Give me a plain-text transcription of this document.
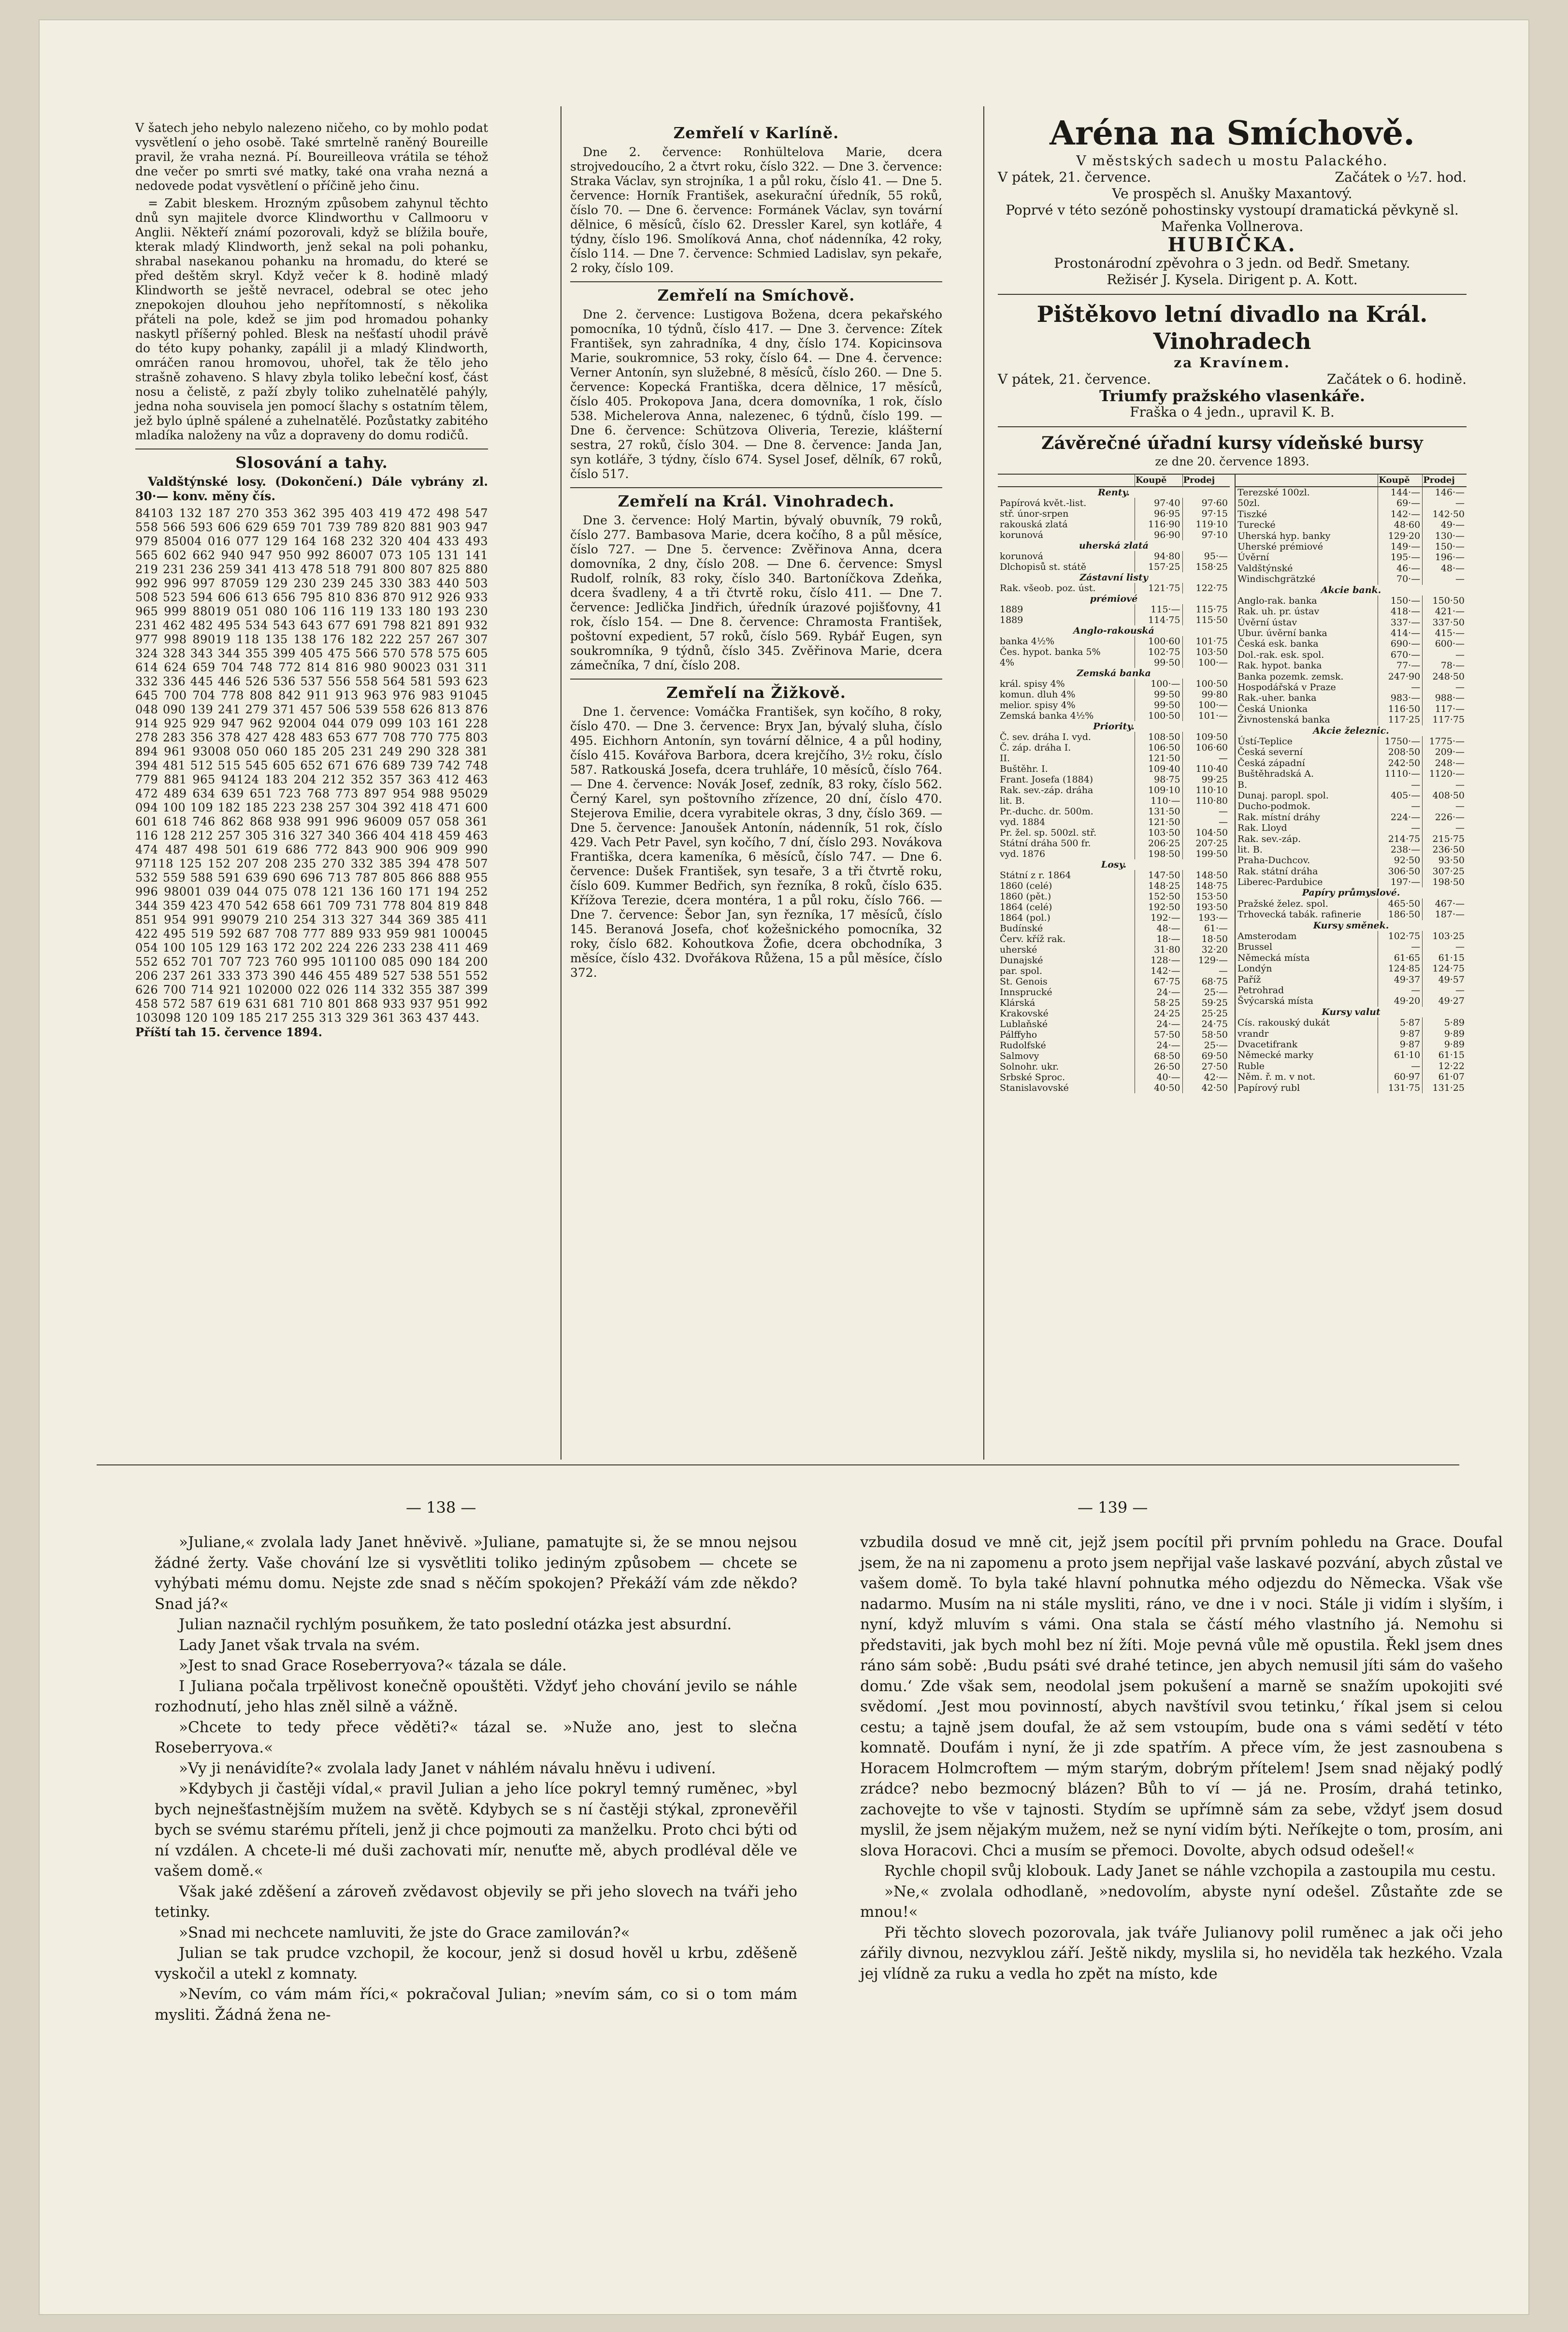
V šatech jeho nebylo nalezeno ničeho, co by mohlo podat vysvětlení o jeho osobě. Také smrtelně raněný Boureille pravil, že vraha nezná. Pí. Boureilleova vrátila se téhož dne večer po smrti své matky, také ona vraha nezná a nedovede podat vysvětlení o příčině jeho činu.

= Zabit bleskem. Hrozným způsobem zahynul těchto dnů syn majitele dvorce Klindworthu v Callmooru v Anglii. Někteří známí pozorovali, když se blížila bouře, kterak mladý Klindworth, jenž sekal na poli pohanku, shrabal nasekanou pohanku na hromadu, do které se před deštěm skryl. Když večer k 8. hodině mladý Klindworth se ještě nevracel, odebral se otec jeho znepokojen dlouhou jeho nepřítomností, s několika přáteli na pole, kdež se jim pod hromadou pohanky naskytl příšerný pohled. Blesk na nešťastí uhodil právě do této kupy pohanky, zapálil ji a mladý Klindworth, omráčen ranou hromovou, uhořel, tak že tělo jeho strašně zohaveno. S hlavy zbyla toliko lebeční kosť, část nosu a čelistě, z paží zbyly toliko zuhelnatělé pahýly, jedna noha souvisela jen pomocí šlachy s ostatním tělem, jež bylo úplně spálené a zuhelnatělé. Pozůstatky zabitého mladíka naloženy na vůz a dopraveny do domu rodičů.

Slosování a tahy.

Valdštýnské losy. (Dokončení.) Dále vybrány zl. 30·— konv. měny čís.

84103 132 187 270 353 362 395 403 419 472 498 547 558 566 593 606 629 659 701 739 789 820 881 903 947 979 85004 016 077 129 164 168 232 320 404 433 493 565 602 662 940 947 950 992 86007 073 105 131 141 219 231 236 259 341 413 478 518 791 800 807 825 880 992 996 997 87059 129 230 239 245 330 383 440 503 508 523 594 606 613 656 795 810 836 870 912 926 933 965 999 88019 051 080 106 116 119 133 180 193 230 231 462 482 495 534 543 643 677 691 798 821 891 932 977 998 89019 118 135 138 176 182 222 257 267 307 324 328 343 344 355 399 405 475 566 570 578 575 605 614 624 659 704 748 772 814 816 980 90023 031 311 332 336 445 446 526 536 537 556 558 564 581 593 623 645 700 704 778 808 842 911 913 963 976 983 91045 048 090 139 241 279 371 457 506 539 558 626 813 876 914 925 929 947 962 92004 044 079 099 103 161 228 278 283 356 378 427 428 483 653 677 708 770 775 803 894 961 93008 050 060 185 205 231 249 290 328 381 394 481 512 515 545 605 652 671 676 689 739 742 748 779 881 965 94124 183 204 212 352 357 363 412 463 472 489 634 639 651 723 768 773 897 954 988 95029 094 100 109 182 185 223 238 257 304 392 418 471 600 601 618 746 862 868 938 991 996 96009 057 058 361 116 128 212 257 305 316 327 340 366 404 418 459 463 474 487 498 501 619 686 772 843 900 906 909 990 97118 125 152 207 208 235 270 332 385 394 478 507 532 559 588 591 639 690 696 713 787 805 866 888 955 996 98001 039 044 075 078 121 136 160 171 194 252 344 359 423 470 542 658 661 709 731 778 804 819 848 851 954 991 99079 210 254 313 327 344 369 385 411 422 495 519 592 687 708 777 889 933 959 981 100045 054 100 105 129 163 172 202 224 226 233 238 411 469 552 652 701 707 723 760 995 101100 085 090 184 200 206 237 261 333 373 390 446 455 489 527 538 551 552 626 700 714 921 102000 022 026 114 332 355 387 399 458 572 587 619 631 681 710 801 868 933 937 951 992 103098 120 109 185 217 255 313 329 361 363 437 443.
Příští tah 15. července 1894.
Zemřelí v Karlíně.

Dne 2. července: Ronhültelova Marie, dcera strojvedoucího, 2 a čtvrt roku, číslo 322. — Dne 3. července: Straka Václav, syn strojníka, 1 a půl roku, číslo 41. — Dne 5. července: Horník František, asekurační úředník, 55 roků, číslo 70. — Dne 6. července: Formánek Václav, syn tovární dělnice, 6 měsíců, číslo 62. Dressler Karel, syn kotláře, 4 týdny, číslo 196. Smolíková Anna, choť nádenníka, 42 roky, číslo 114. — Dne 7. července: Schmied Ladislav, syn pekaře, 2 roky, číslo 109.

Zemřelí na Smíchově.

Dne 2. července: Lustigova Božena, dcera pekařského pomocníka, 10 týdnů, číslo 417. — Dne 3. července: Zítek František, syn zahradníka, 4 dny, číslo 174. Kopicinsova Marie, soukromnice, 53 roky, číslo 64. — Dne 4. července: Verner Antonín, syn služebné, 8 měsíců, číslo 260. — Dne 5. července: Kopecká Františka, dcera dělnice, 17 měsíců, číslo 405. Prokopova Jana, dcera domovníka, 1 rok, číslo 538. Michelerova Anna, nalezenec, 6 týdnů, číslo 199. — Dne 6. července: Schützova Oliveria, Terezie, klášterní sestra, 27 roků, číslo 304. — Dne 8. července: Janda Jan, syn kotláře, 3 týdny, číslo 674. Sysel Josef, dělník, 67 roků, číslo 517.

Zemřelí na Král. Vinohradech.

Dne 3. července: Holý Martin, bývalý obuvník, 79 roků, číslo 277. Bambasova Marie, dcera kočího, 8 a půl měsíce, číslo 727. — Dne 5. července: Zvěřinova Anna, dcera domovníka, 2 dny, číslo 208. — Dne 6. července: Smysl Rudolf, rolník, 83 roky, číslo 340. Bartoníčkova Zdeňka, dcera švadleny, 4 a tři čtvrtě roku, číslo 411. — Dne 7. července: Jedlička Jindřich, úředník úrazové pojišťovny, 41 rok, číslo 154. — Dne 8. července: Chramosta František, poštovní expedient, 57 roků, číslo 569. Rybář Eugen, syn soukromníka, 9 týdnů, číslo 345. Zvěřinova Marie, dcera zámečníka, 7 dní, číslo 208.

Zemřelí na Žižkově.

Dne 1. července: Vomáčka František, syn kočího, 8 roky, číslo 470. — Dne 3. července: Bryx Jan, bývalý sluha, číslo 495. Eichhorn Antonín, syn tovární dělnice, 4 a půl hodiny, číslo 415. Kovářova Barbora, dcera krejčího, 3½ roku, číslo 587. Ratkouská Josefa, dcera truhláře, 10 měsíců, číslo 764. — Dne 4. července: Novák Josef, zedník, 83 roky, číslo 562. Černý Karel, syn poštovního zřízence, 20 dní, číslo 470. Stejerova Emilie, dcera vyrabitele okras, 3 dny, číslo 369. — Dne 5. července: Janoušek Antonín, nádenník, 51 rok, číslo 429. Vach Petr Pavel, syn kočího, 7 dní, číslo 293. Novákova Františka, dcera kameníka, 6 měsíců, číslo 747. — Dne 6. července: Dušek František, syn tesaře, 3 a tři čtvrtě roku, číslo 609. Kummer Bedřich, syn řezníka, 8 roků, číslo 635. Křížova Terezie, dcera montéra, 1 a půl roku, číslo 766. — Dne 7. července: Šebor Jan, syn řezníka, 17 měsíců, číslo 145. Beranová Josefa, choť kožešnického pomocníka, 32 roky, číslo 682. Kohoutkova Žofie, dcera obchodníka, 3 měsíce, číslo 432. Dvořákova Růžena, 15 a půl měsíce, číslo 372.

Aréna na Smíchově.
V městských sadech u mostu Palackého.
V pátek, 21. července.	Začátek o ½7. hod.
Ve prospěch sl. Anušky Maxantový.
Poprvé v této sezóně pohostinsky vystoupí dramatická pěvkyně sl. Mařenka Vollnerova.
HUBIČKA.
Prostonárodní zpěvohra o 3 jedn. od Bedř. Smetany.
Režisér J. Kysela. Dirigent p. A. Kott.
Pištěkovo letní divadlo na Král. Vinohradech
za Kravínem.
V pátek, 21. července.	Začátek o 6. hodině.
Triumfy pražského vlasenkáře.
Fraška o 4 jedn., upravil K. B.
Závěrečné úřadní kursy vídeňské bursy
ze dne 20. července 1893.
	Koupě	Prodej
Renty.		
Papírová květ.-list.	97·40	97·60
stř. únor-srpen	96·95	97·15
rakouská zlatá	116·90	119·10
korunová	96·90	97·10
uherská zlatá		
korunová	94·80	95·—
Dlchopisů st. státě	157·25	158·25
Zástavní listy		
Rak. všeob. poz. úst.	121·75	122·75
prémiové		
1889	115·—	115·75
1889	114·75	115·50
Anglo-rakouská		
banka 4½%	100·60	101·75
Čes. hypot. banka 5%	102·75	103·50
4%	99·50	100·—
Zemská banka		
král. spisy 4%	100·—	100·50
komun. dluh 4%	99·50	99·80
melior. spisy 4%	99·50	100·—
Zemská banka 4½%	100·50	101·—
Priority.		
Č. sev. dráha I. vyd.	108·50	109·50
Č. záp. dráha I.	106·50	106·60
II.	121·50	—
Buštěhr. I.	109·40	110·40
Frant. Josefa (1884)	98·75	99·25
Rak. sev.-záp. dráha	109·10	110·10
lit. B.	110·—	110·80
Pr.-duchc. dr. 500m.	131·50	—
vyd. 1884	121·50	—
Pr. žel. sp. 500zl. stř.	103·50	104·50
Státní dráha 500 fr.	206·25	207·25
vyd. 1876	198·50	199·50
Losy.		
Státní z r. 1864	147·50	148·50
1860 (celé)	148·25	148·75
1860 (pět.)	152·50	153·50
1864 (celé)	192·50	193·50
1864 (pol.)	192·—	193·—
Budínské	48·—	61·—
Červ. kříž rak.	18·—	18·50
uherské	31·80	32·20
Dunajské	128·—	129·—
par. spol.	142·—	—
St. Genois	67·75	68·75
Innsprucké	24·—	25·—
Klárská	58·25	59·25
Krakovské	24·25	25·25
Lublaňské	24·—	24·75
Pálffyho	57·50	58·50
Rudolfské	24·—	25·—
Salmovy	68·50	69·50
Solnohr. ukr.	26·50	27·50
Srbské Sproc.	40·—	42·—
Stanislavovské	40·50	42·50
	Koupě	Prodej
Terezské 100zl.	144·—	146·—
50zl.	69·—	—
Tiszké	142·—	142·50
Turecké	48·60	49·—
Uherská hyp. banky	129·20	130·—
Uherské prémiové	149·—	150·—
Úvěrní	195·—	196·—
Valdštýnské	46·—	48·—
Windischgrätzké	70·—	—
Akcie bank.		
Anglo-rak. banka	150·—	150·50
Rak. uh. pr. ústav	418·—	421·—
Úvěrní ústav	337·—	337·50
Ubur. úvěrní banka	414·—	415·—
Česká esk. banka	690·—	600·—
Dol.-rak. esk. spol.	670·—	—
Rak. hypot. banka	77·—	78·—
Banka pozemk. zemsk.	247·90	248·50
Hospodářská v Praze	—	—
Rak.-uher. banka	983·—	988·—
Česká Unionka	116·50	117·—
Živnostenská banka	117·25	117·75
Akcie železnic.		
Ústí-Teplice	1750·—	1775·—
Česká severní	208·50	209·—
Česká západní	242·50	248·—
Buštěhradská A.	1110·—	1120·—
B.	—	—
Dunaj. paropl. spol.	405·—	408·50
Ducho-podmok.	—	—
Rak. místní dráhy	224·—	226·—
Rak. Lloyd	—	—
Rak. sev.-záp.	214·75	215·75
lit. B.	238·—	236·50
Praha-Duchcov.	92·50	93·50
Rak. státní dráha	306·50	307·25
Liberec-Pardubice	197·—	198·50
Papíry průmyslové.		
Pražské želez. spol.	465·50	467·—
Trhovecká tabák. rafinerie	186·50	187·—
Kursy směnek.		
Amsterodam	102·75	103·25
Brussel	—	—
Německá místa	61·65	61·15
Londýn	124·85	124·75
Paříž	49·37	49·57
Petrohrad	—	—
Švýcarská místa	49·20	49·27
Kursy valut		
Cís. rakouský dukát	5·87	5·89
vrandr	9·87	9·89
Dvacetifrank	9·87	9·89
Německé marky	61·10	61·15
Ruble	—	12·22
Něm. ř. m. v not.	60·97	61·07
Papírový rubl	131·75	131·25
— 138 —	— 139 —

»Juliane,« zvolala lady Janet hněvivě. »Juliane, pamatujte si, že se mnou nejsou žádné žerty. Vaše chování lze si vysvětliti toliko jediným způsobem — chcete se vyhýbati mému domu. Nejste zde snad s něčím spokojen? Překáží vám zde někdo? Snad já?«

Julian naznačil rychlým posuňkem, že tato poslední otázka jest absurdní.

Lady Janet však trvala na svém.

»Jest to snad Grace Roseberryova?« tázala se dále.

I Juliana počala trpělivost konečně opouštěti. Vždyť jeho chování jevilo se náhle rozhodnutí, jeho hlas zněl silně a vážně.

»Chcete to tedy přece věděti?« tázal se. »Nuže ano, jest to slečna Roseberryova.«

»Vy ji nenávidíte?« zvolala lady Janet v náhlém návalu hněvu i udivení.

»Kdybych ji častěji vídal,« pravil Julian a jeho líce pokryl temný ruměnec, »byl bych nejnešťastnějším mužem na světě. Kdybych se s ní častěji stýkal, zpronevěřil bych se svému starému příteli, jenž ji chce pojmouti za manželku. Proto chci býti od ní vzdálen. A chcete-li mé duši zachovati mír, nenuťte mě, abych prodléval děle ve vašem domě.«

Však jaké zděšení a zároveň zvědavost objevily se při jeho slovech na tváři jeho tetinky.

»Snad mi nechcete namluviti, že jste do Grace zamilován?«

Julian se tak prudce vzchopil, že kocour, jenž si dosud hověl u krbu, zděšeně vyskočil a utekl z komnaty.

»Nevím, co vám mám říci,« pokračoval Julian; »nevím sám, co si o tom mám mysliti. Žádná žena ne-

vzbudila dosud ve mně cit, jejž jsem pocítil při prvním pohledu na Grace. Doufal jsem, že na ni zapomenu a proto jsem nepřijal vaše laskavé pozvání, abych zůstal ve vašem domě. To byla také hlavní pohnutka mého odjezdu do Německa. Však vše nadarmo. Musím na ni stále mysliti, ráno, ve dne i v noci. Stále ji vidím i slyším, i nyní, když mluvím s vámi. Ona stala se částí mého vlastního já. Nemohu si představiti, jak bych mohl bez ní žíti. Moje pevná vůle mě opustila. Řekl jsem dnes ráno sám sobě: ‚Budu psáti své drahé tetince, jen abych nemusil jíti sám do vašeho domu.‘ Zde však sem, neodolal jsem pokušení a marně se snažím upokojiti své svědomí. ‚Jest mou povinností, abych navštívil svou tetinku,‘ říkal jsem si celou cestu; a tajně jsem doufal, že až sem vstoupím, bude ona s vámi sedětí v této komnatě. Doufám i nyní, že ji zde spatřím. A přece vím, že jest zasnoubena s Horacem Holmcroftem — mým starým, dobrým přítelem! Jsem snad nějaký podlý zrádce? nebo bezmocný blázen? Bůh to ví — já ne. Prosím, drahá tetinko, zachovejte to vše v tajnosti. Stydím se upřímně sám za sebe, vždyť jsem dosud myslil, že jsem nějakým mužem, než se nyní vidím býti. Neříkejte o tom, prosím, ani slova Horacovi. Chci a musím se přemoci. Dovolte, abych odsud odešel!«

Rychle chopil svůj klobouk. Lady Janet se náhle vzchopila a zastoupila mu cestu.

»Ne,« zvolala odhodlaně, »nedovolím, abyste nyní odešel. Zůstaňte zde se mnou!«

Při těchto slovech pozorovala, jak tváře Julianovy polil ruměnec a jak oči jeho zářily divnou, nezvyklou září. Ještě nikdy, myslila si, ho neviděla tak hezkého. Vzala jej vlídně za ruku a vedla ho zpět na místo, kde
